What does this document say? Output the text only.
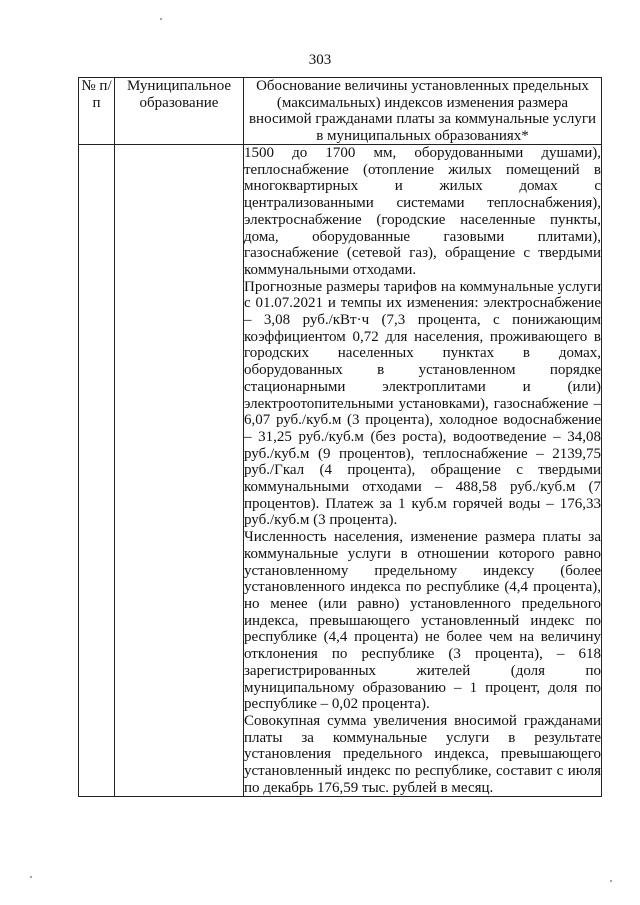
303
№ п/п	Муниципальное образование	Обоснование величины установленных предельных (максимальных) индексов изменения размера вносимой гражданами платы за коммунальные услуги в муниципальных образованиях*

		1500 до 1700 мм, оборудованными душами), теплоснабжение (отопление жилых помещений в многоквартирных и жилых домах с централизованными системами теплоснабжения), электроснабжение (городские населенные пункты, дома, оборудованные газовыми плитами), газоснабжение (сетевой газ), обращение с твердыми коммунальными отходами.

Прогнозные размеры тарифов на коммунальные услуги с 01.07.2021 и темпы их изменения: электроснабжение – 3,08 руб./кВт·ч (7,3 процента, с понижающим коэффициентом 0,72 для населения, проживающего в городских населенных пунктах в домах, оборудованных в установленном порядке стационарными электроплитами и (или) электроотопительными установками), газоснабжение – 6,07 руб./куб.м (3 процента), холодное водоснабжение – 31,25 руб./куб.м (без роста), водоотведение – 34,08 руб./куб.м (9 процентов), теплоснабжение – 2139,75 руб./Гкал (4 процента), обращение с твердыми коммунальными отходами – 488,58 руб./куб.м (7 процентов). Платеж за 1 куб.м горячей воды – 176,33 руб./куб.м (3 процента).

Численность населения, изменение размера платы за коммунальные услуги в отношении которого равно установленному предельному индексу (более установленного индекса по республике (4,4 процента), но менее (или равно) установленного предельного индекса, превышающего установленный индекс по республике (4,4 процента) не более чем на величину отклонения по республике (3 процента), – 618 зарегистрированных жителей (доля по муниципальному образованию – 1 процент, доля по республике – 0,02 процента).

Совокупная сумма увеличения вносимой гражданами платы за коммунальные услуги в результате установления предельного индекса, превышающего установленный индекс по республике, составит с июля по декабрь 176,59 тыс. рублей в месяц.
